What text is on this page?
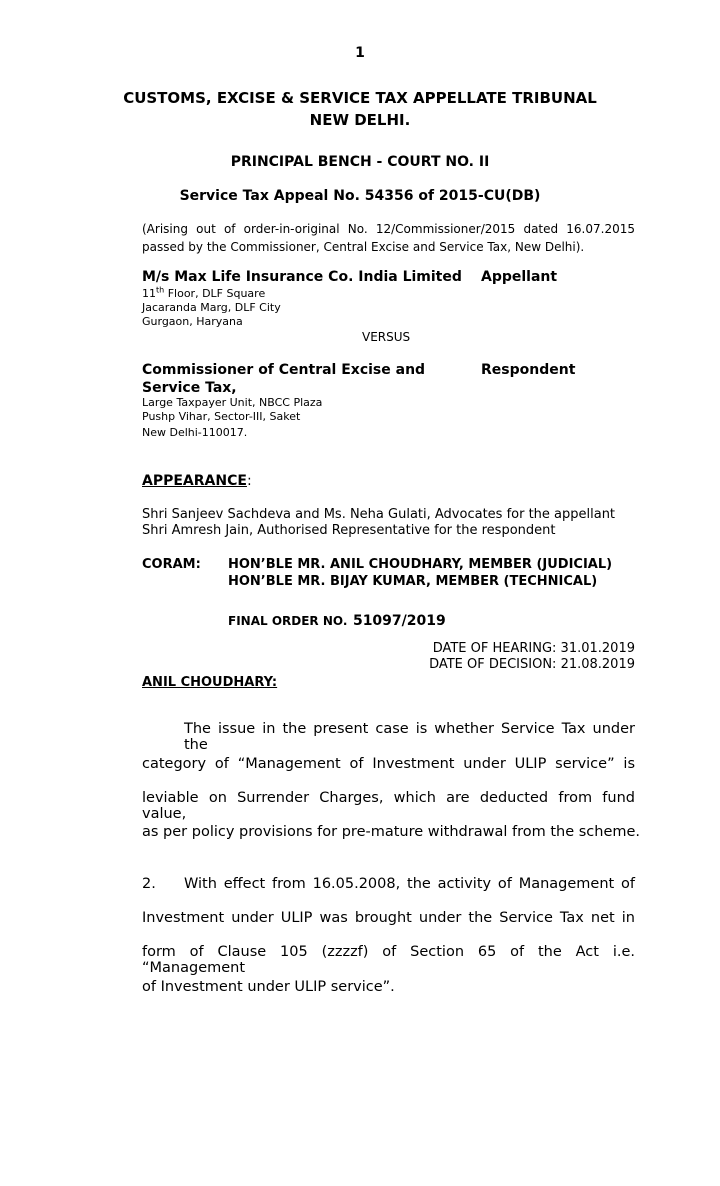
1
CUSTOMS, EXCISE & SERVICE TAX APPELLATE TRIBUNAL
NEW DELHI.
PRINCIPAL BENCH - COURT NO. II
Service Tax Appeal No. 54356 of 2015-CU(DB)
(Arising out of order-in-original No. 12/Commissioner/2015 dated 16.07.2015
passed by the Commissioner, Central Excise and Service Tax, New Delhi).
M/s Max Life Insurance Co. India Limited Appellant
11th Floor, DLF Square
Jacaranda Marg, DLF City
Gurgaon, Haryana
VERSUS
Commissioner of Central Excise and	Respondent
Service Tax,
Large Taxpayer Unit, NBCC Plaza
Pushp Vihar, Sector-III, Saket
New Delhi-110017.
APPEARANCE:
Shri Sanjeev Sachdeva and Ms. Neha Gulati, Advocates for the appellant
Shri Amresh Jain, Authorised Representative for the respondent
CORAM: HON’BLE MR. ANIL CHOUDHARY, MEMBER (JUDICIAL)
HON’BLE MR. BIJAY KUMAR, MEMBER (TECHNICAL)
FINAL ORDER NO. 51097/2019
DATE OF HEARING: 31.01.2019
DATE OF DECISION: 21.08.2019
ANIL CHOUDHARY:
The issue in the present case is whether Service Tax under the
category of “Management of Investment under ULIP service” is
leviable on Surrender Charges, which are deducted from fund value,
as per policy provisions for pre-mature withdrawal from the scheme.
2. With effect from 16.05.2008, the activity of Management of
Investment under ULIP was brought under the Service Tax net in
form of Clause 105 (zzzzf) of Section 65 of the Act i.e. “Management
of Investment under ULIP service”.
